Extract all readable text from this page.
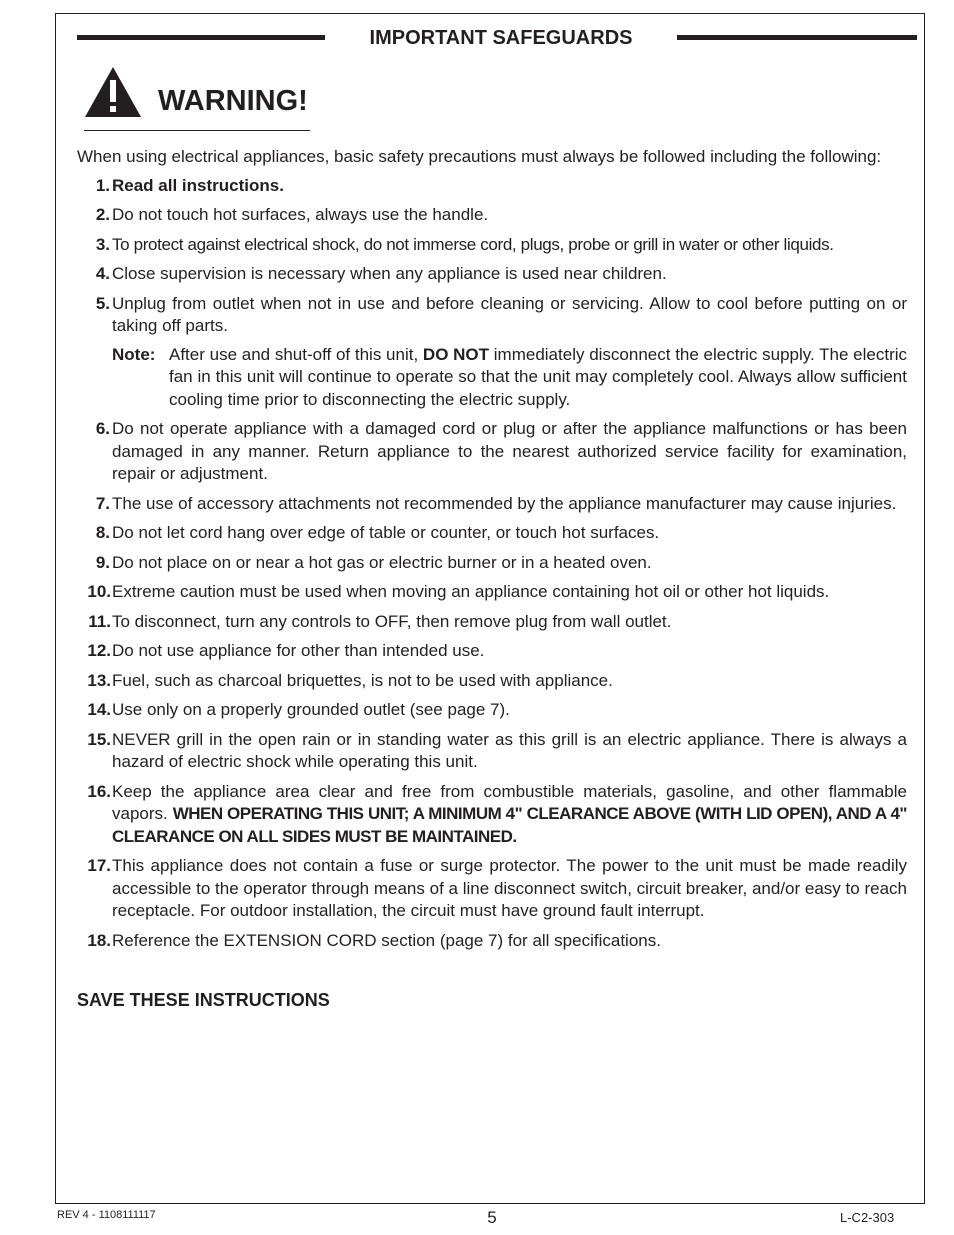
IMPORTANT SAFEGUARDS
WARNING!

When using electrical appliances, basic safety precautions must always be followed including the following:

1. Read all instructions.
2. Do not touch hot surfaces, always use the handle.
3. To protect against electrical shock, do not immerse cord, plugs, probe or grill in water or other liquids.
4. Close supervision is necessary when any appliance is used near children.
5. Unplug from outlet when not in use and before cleaning or servicing. Allow to cool before putting on or taking off parts.
Note: After use and shut-off of this unit, DO NOT immediately disconnect the electric supply. The electric fan in this unit will continue to operate so that the unit may completely cool. Always allow sufficient cooling time prior to disconnecting the electric supply.
6. Do not operate appliance with a damaged cord or plug or after the appliance malfunctions or has been damaged in any manner. Return appliance to the nearest authorized service facility for examination, repair or adjustment.
7. The use of accessory attachments not recommended by the appliance manufacturer may cause injuries.
8. Do not let cord hang over edge of table or counter, or touch hot surfaces.
9. Do not place on or near a hot gas or electric burner or in a heated oven.
10. Extreme caution must be used when moving an appliance containing hot oil or other hot liquids.
11. To disconnect, turn any controls to OFF, then remove plug from wall outlet.
12. Do not use appliance for other than intended use.
13. Fuel, such as charcoal briquettes, is not to be used with appliance.
14. Use only on a properly grounded outlet (see page 7).
15. NEVER grill in the open rain or in standing water as this grill is an electric appliance. There is always a hazard of electric shock while operating this unit.
16. Keep the appliance area clear and free from combustible materials, gasoline, and other flammable vapors. WHEN OPERATING THIS UNIT; A MINIMUM 4" CLEARANCE ABOVE (WITH LID OPEN), AND A 4" CLEARANCE ON ALL SIDES MUST BE MAINTAINED.
17. This appliance does not contain a fuse or surge protector. The power to the unit must be made readily accessible to the operator through means of a line disconnect switch, circuit breaker, and/or easy to reach receptacle. For outdoor installation, the circuit must have ground fault interrupt.
18. Reference the EXTENSION CORD section (page 7) for all specifications.
SAVE THESE INSTRUCTIONS
REV 4 - 1108111117	5	L-C2-303
